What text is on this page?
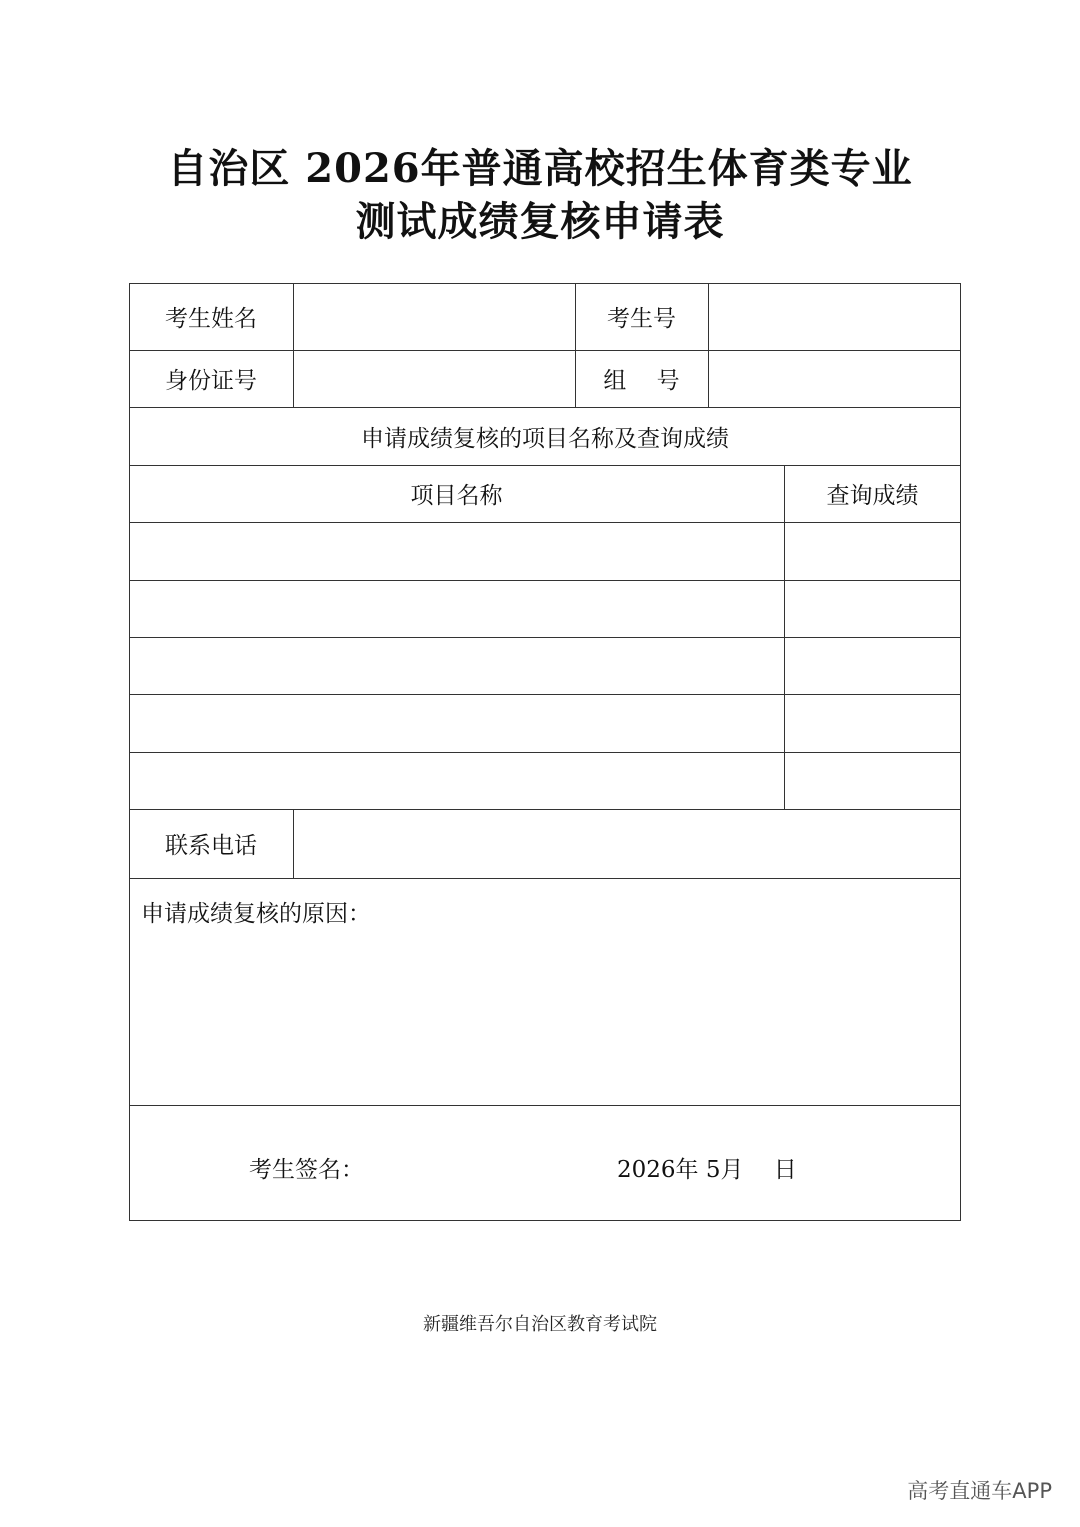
自治区 2026年普通高校招生体育类专业
测试成绩复核申请表
考生姓名	考生号
身份证号	组　 号
申请成绩复核的项目名称及查询成绩
项目名称	查询成绩
联系电话
申请成绩复核的原因：
考生签名：	2026年 5月　 日
新疆维吾尔自治区教育考试院
高考直通车APP
